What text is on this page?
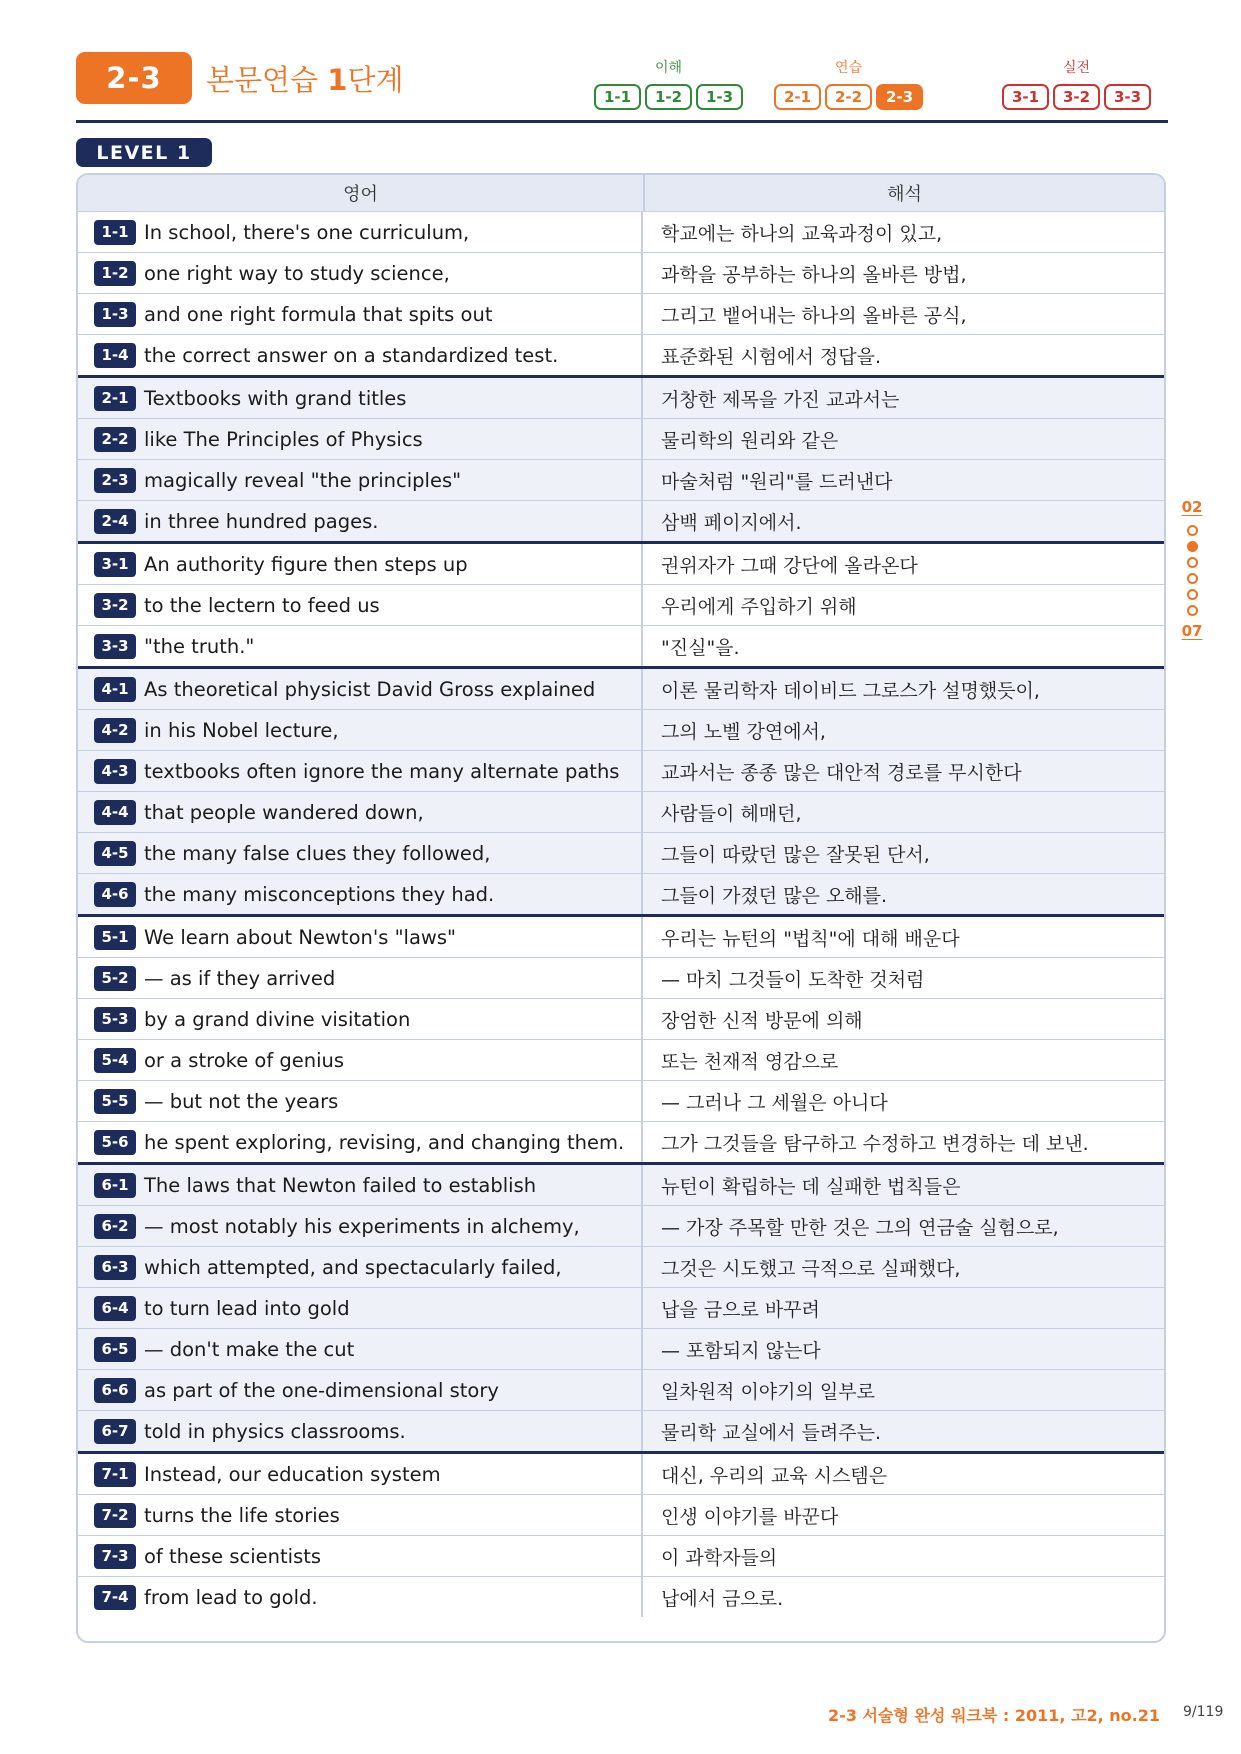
2-3	본문연습 1단계	이해
1-1	1-2	1-3
연습
2-1	2-2	2-3
실전
3-1	3-2	3-3
LEVEL 1
영어	해석
1-1 In school, there's one curriculum,	학교에는 하나의 교육과정이 있고,
1-2 one right way to study science,	과학을 공부하는 하나의 올바른 방법,
1-3 and one right formula that spits out	그리고 뱉어내는 하나의 올바른 공식,
1-4 the correct answer on a standardized test.	표준화된 시험에서 정답을.
2-1 Textbooks with grand titles	거창한 제목을 가진 교과서는
2-2 like The Principles of Physics	물리학의 원리와 같은
2-3 magically reveal "the principles"	마술처럼 "원리"를 드러낸다
2-4 in three hundred pages.	삼백 페이지에서.
3-1 An authority figure then steps up	권위자가 그때 강단에 올라온다
3-2 to the lectern to feed us	우리에게 주입하기 위해
3-3 "the truth."	"진실"을.
4-1 As theoretical physicist David Gross explained	이론 물리학자 데이비드 그로스가 설명했듯이,
4-2 in his Nobel lecture,	그의 노벨 강연에서,
4-3 textbooks often ignore the many alternate paths	교과서는 종종 많은 대안적 경로를 무시한다
4-4 that people wandered down,	사람들이 헤매던,
4-5 the many false clues they followed,	그들이 따랐던 많은 잘못된 단서,
4-6 the many misconceptions they had.	그들이 가졌던 많은 오해를.
5-1 We learn about Newton's "laws"	우리는 뉴턴의 "법칙"에 대해 배운다
5-2 — as if they arrived	— 마치 그것들이 도착한 것처럼
5-3 by a grand divine visitation	장엄한 신적 방문에 의해
5-4 or a stroke of genius	또는 천재적 영감으로
5-5 — but not the years	— 그러나 그 세월은 아니다
5-6 he spent exploring, revising, and changing them.	그가 그것들을 탐구하고 수정하고 변경하는 데 보낸.
6-1 The laws that Newton failed to establish	뉴턴이 확립하는 데 실패한 법칙들은
6-2 — most notably his experiments in alchemy,	— 가장 주목할 만한 것은 그의 연금술 실험으로,
6-3 which attempted, and spectacularly failed,	그것은 시도했고 극적으로 실패했다,
6-4 to turn lead into gold	납을 금으로 바꾸려
6-5 — don't make the cut	— 포함되지 않는다
6-6 as part of the one-dimensional story	일차원적 이야기의 일부로
6-7 told in physics classrooms.	물리학 교실에서 들려주는.
7-1 Instead, our education system	대신, 우리의 교육 시스템은
7-2 turns the life stories	인생 이야기를 바꾼다
7-3 of these scientists	이 과학자들의
7-4 from lead to gold.	납에서 금으로.
02
07
2-3 서술형 완성 워크북 : 2011, 고2, no.21 9/119
